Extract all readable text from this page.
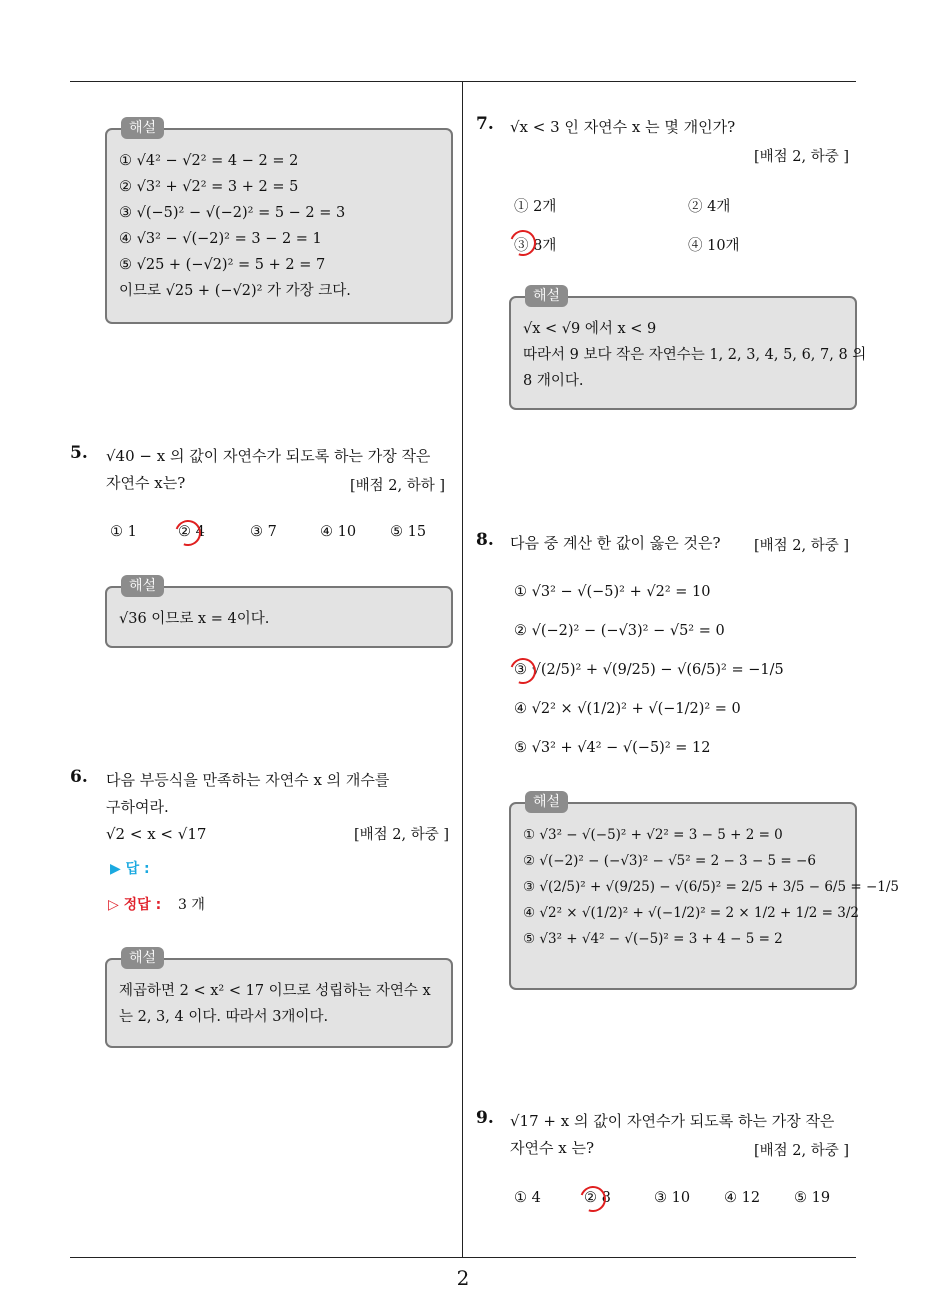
해설
① √4² − √2² = 4 − 2 = 2
② √3² + √2² = 3 + 2 = 5
③ √(−5)² − √(−2)² = 5 − 2 = 3
④ √3² − √(−2)² = 3 − 2 = 1
⑤ √25 + (−√2)² = 5 + 2 = 7
이므로 √25 + (−√2)² 가 가장 크다.
5. √40 − x 의 값이 자연수가 되도록 하는 가장 작은
자연수 x는?	[배점 2, 하하 ]
① 1	② 4	③ 7	④ 10 ⑤ 15
해설
√36 이므로 x = 4이다.
6. 다음 부등식을 만족하는 자연수 x 의 개수를
구하여라.
√2 < x < √17	[배점 2, 하중 ]
▶ 답 :
▷ 정답 : 3 개
해설
제곱하면 2 < x² < 17 이므로 성립하는 자연수 x
는 2, 3, 4 이다. 따라서 3개이다.
7. √x < 3 인 자연수 x 는 몇 개인가?
[배점 2, 하중 ]
① 2개	② 4개
③ 8개	④ 10개
해설
√x < √9 에서 x < 9
따라서 9 보다 작은 자연수는 1, 2, 3, 4, 5, 6, 7, 8 의
8 개이다.
8. 다음 중 계산 한 값이 옳은 것은? [배점 2, 하중 ]
① √3² − √(−5)² + √2² = 10
② √(−2)² − (−√3)² − √5² = 0
③ √(2/5)² + √(9/25) − √(6/5)² = −1/5
④ √2² × √(1/2)² + √(−1/2)² = 0
⑤ √3² + √4² − √(−5)² = 12
해설
① √3² − √(−5)² + √2² = 3 − 5 + 2 = 0
② √(−2)² − (−√3)² − √5² = 2 − 3 − 5 = −6
③ √(2/5)² + √(9/25) − √(6/5)² = 2/5 + 3/5 − 6/5 = −1/5
④ √2² × √(1/2)² + √(−1/2)² = 2 × 1/2 + 1/2 = 3/2
⑤ √3² + √4² − √(−5)² = 3 + 4 − 5 = 2
9. √17 + x 의 값이 자연수가 되도록 하는 가장 작은
자연수 x 는?	[배점 2, 하중 ]
① 4	② 8	③ 10 ④ 12 ⑤ 19
2
